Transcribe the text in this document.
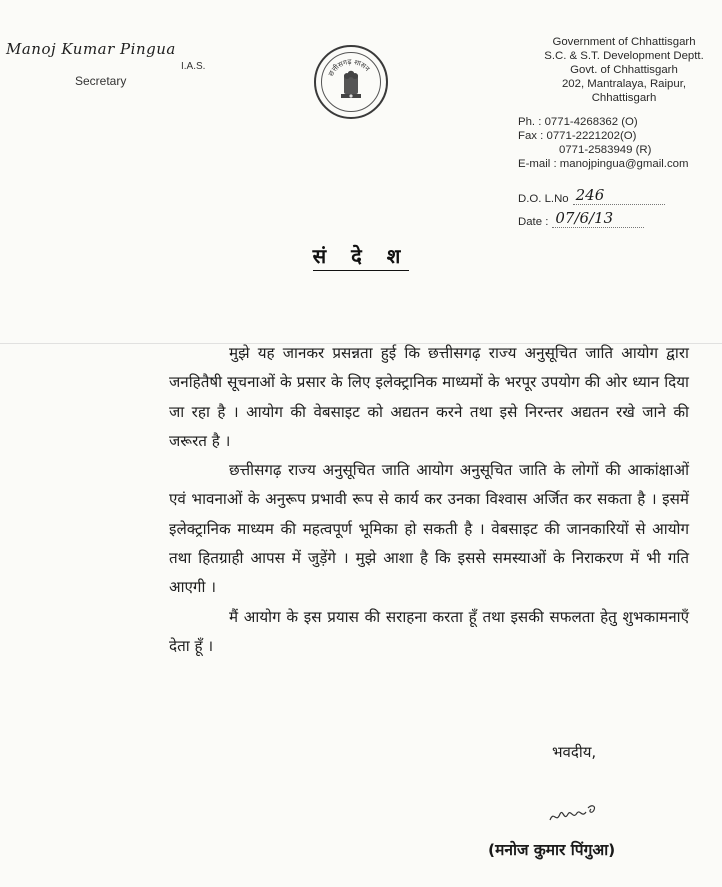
Manoj Kumar Pingua
I.A.S.
Secretary
छत्तीसगढ़ शासन
Government of Chhattisgarh
S.C. & S.T. Development Deptt.
Govt. of Chhattisgarh
202, Mantralaya, Raipur,
Chhattisgarh
Ph. : 0771-4268362 (O)
Fax : 0771-2221202(O)
0771-2583949 (R)
E-mail : manojpingua@gmail.com
D.O. L.No 246
Date : 07/6/13
सं दे श

मुझे यह जानकर प्रसन्नता हुई कि छत्तीसगढ़ राज्य अनुसूचित जाति आयोग द्वारा जनहितैषी सूचनाओं के प्रसार के लिए इलेक्ट्रानिक माध्यमों के भरपूर उपयोग की ओर ध्यान दिया जा रहा है । आयोग की वेबसाइट को अद्यतन करने तथा इसे निरन्तर अद्यतन रखे जाने की जरूरत है ।

छत्तीसगढ़ राज्य अनुसूचित जाति आयोग अनुसूचित जाति के लोगों की आकांक्षाओं एवं भावनाओं के अनुरूप प्रभावी रूप से कार्य कर उनका विश्वास अर्जित कर सकता है । इसमें इलेक्ट्रानिक माध्यम की महत्वपूर्ण भूमिका हो सकती है । वेबसाइट की जानकारियों से आयोग तथा हितग्राही आपस में जुड़ेंगे । मुझे आशा है कि इससे समस्याओं के निराकरण में भी गति आएगी ।

मैं आयोग के इस प्रयास की सराहना करता हूँ तथा इसकी सफलता हेतु शुभकामनाएँ देता हूँ ।

भवदीय,
(मनोज कुमार पिंगुआ)
